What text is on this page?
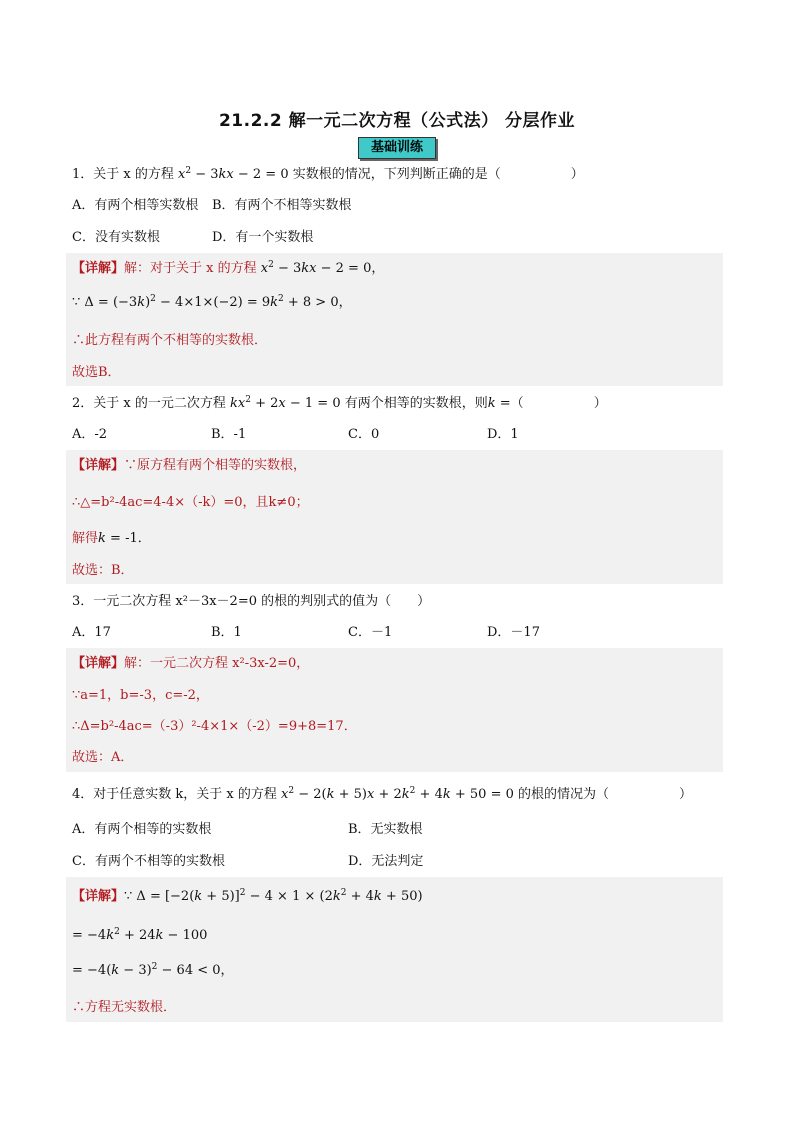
21.2.2 解一元二次方程（公式法） 分层作业
基础训练
1．关于 x 的方程 $x^2 - 3kx - 2 = 0$ 实数根的情况，下列判断正确的是（	）
A．有两个相等实数根 B．有两个不相等实数根
C．没有实数根	D．有一个实数根
【详解】解：对于关于 x 的方程 $x^2 - 3kx - 2 = 0$，
∵ $\Delta = (-3k)^2 - 4\times 1\times(-2) = 9k^2 + 8 > 0$，
∴此方程有两个不相等的实数根．
故选B．
2．关于 x 的一元二次方程 $kx^2 + 2x - 1 = 0$ 有两个相等的实数根，则k =（	）
A．-2	B．-1	C．0	D．1
【详解】∵原方程有两个相等的实数根，
∴△=b²-4ac=4-4×（-k）=0，且k≠0；
解得k = -1．
故选：B．
3．一元二次方程 x²－3x－2=0 的根的判别式的值为（ ）
A．17	B．1	C．－1	D．－17
【详解】解：一元二次方程 x²-3x-2=0，
∵a=1，b=-3，c=-2，
∴Δ=b²-4ac=（-3）²-4×1×（-2）=9+8=17．
故选：A．
4．对于任意实数 k，关于 x 的方程 $x^2 - 2(k + 5)x + 2k^2 + 4k + 50 = 0$ 的根的情况为（	）
A．有两个相等的实数根	B．无实数根
C．有两个不相等的实数根	D．无法判定
【详解】∵ $\Delta = [-2(k + 5)]^2 - 4 \times 1 \times (2k^2 + 4k + 50)$
= $-4k^2 + 24k - 100$
= $-4(k - 3)^2 - 64 < 0$，
∴方程无实数根．
